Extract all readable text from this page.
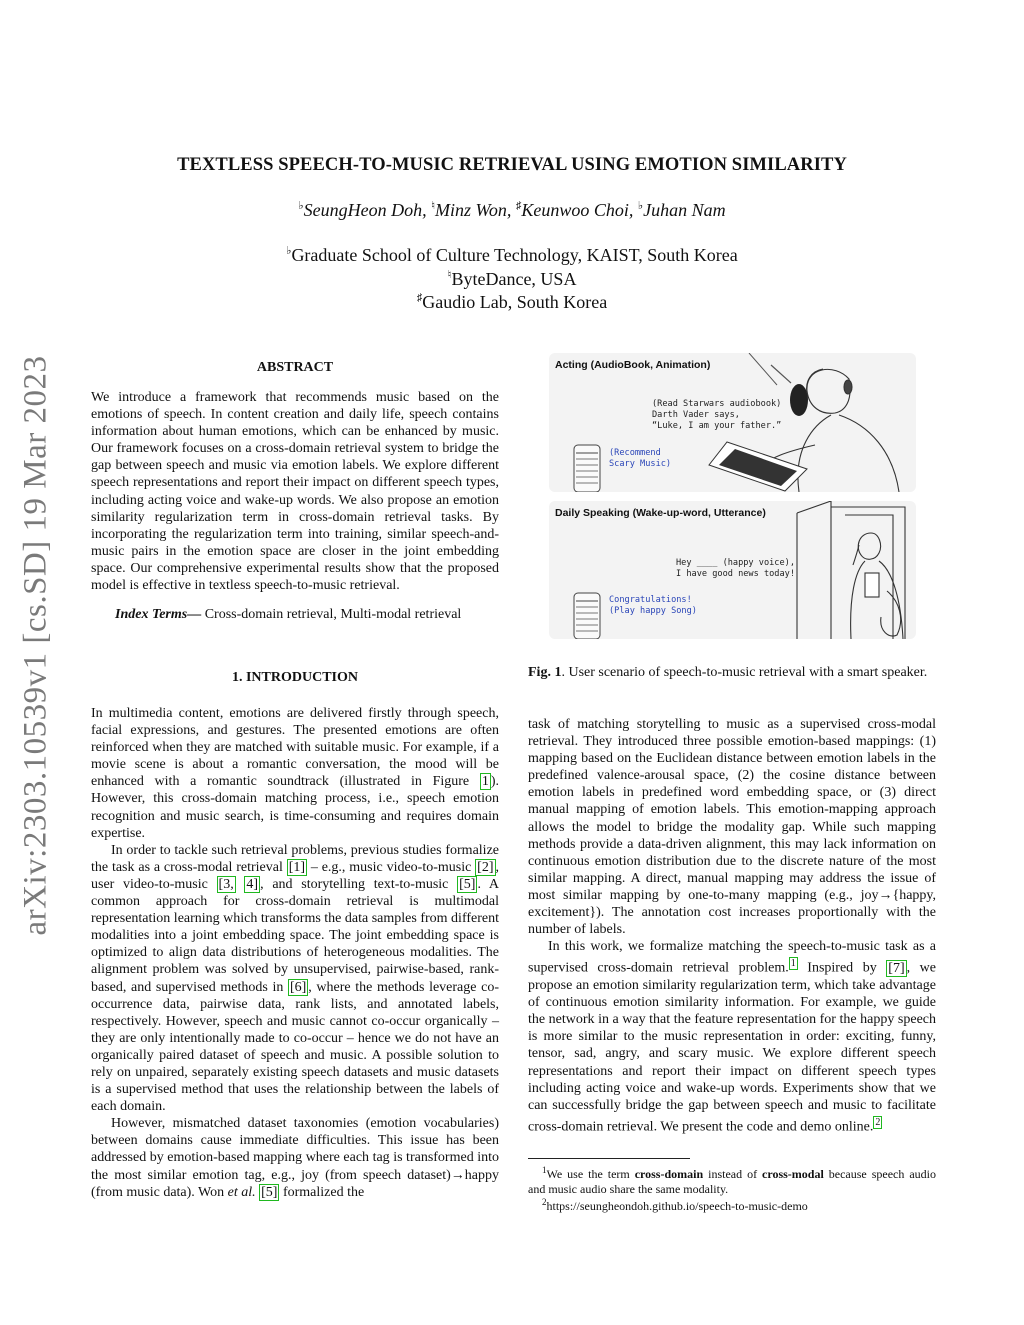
arXiv:2303.10539v1 [cs.SD] 19 Mar 2023
TEXTLESS SPEECH-TO-MUSIC RETRIEVAL USING EMOTION SIMILARITY
♭SeungHeon Doh, ♮Minz Won, ♯Keunwoo Choi, ♭Juhan Nam
♭Graduate School of Culture Technology, KAIST, South Korea
♮ByteDance, USA
♯Gaudio Lab, South Korea
ABSTRACT

We introduce a framework that recommends music based on the emotions of speech. In content creation and daily life, speech contains information about human emotions, which can be enhanced by music. Our framework focuses on a cross-domain retrieval system to bridge the gap between speech and music via emotion labels. We explore different speech representations and report their impact on different speech types, including acting voice and wake-up words. We also propose an emotion similarity regularization term in cross-domain retrieval tasks. By incorporating the regularization term into training, similar speech-and-music pairs in the emotion space are closer in the joint embedding space. Our comprehensive experimental results show that the proposed model is effective in textless speech-to-music retrieval.

Index Terms— Cross-domain retrieval, Multi-modal retrieval

1. INTRODUCTION

In multimedia content, emotions are delivered firstly through speech, facial expressions, and gestures. The presented emotions are often reinforced when they are matched with suitable music. For example, if a movie scene is about a romantic conversation, the mood will be enhanced with a romantic soundtrack (illustrated in Figure 1 ). However, this cross-domain matching process, i.e., speech emotion recognition and music search, is time-consuming and requires domain expertise.

In order to tackle such retrieval problems, previous studies formalize the task as a cross-modal retrieval [1] – e.g., music video-to-music [2] , user video-to-music [3, 4] , and storytelling text-to-music [5] . A common approach for cross-domain retrieval is multimodal representation learning which transforms the data samples from different modalities into a joint embedding space. The joint embedding space is optimized to align data distributions of heterogeneous modalities. The alignment problem was solved by unsupervised, pairwise-based, rank-based, and supervised methods in [6] , where the methods leverage co-occurrence data, pairwise data, rank lists, and annotated labels, respectively. However, speech and music cannot co-occur organically – they are only intentionally made to co-occur – hence we do not have an organically paired dataset of speech and music. A possible solution to rely on unpaired, separately existing speech datasets and music datasets is a supervised method that uses the relationship between the labels of each domain.

However, mismatched dataset taxonomies (emotion vocabularies) between domains cause immediate difficulties. This issue has been addressed by emotion-based mapping where each tag is transformed into the most similar emotion tag, e.g., joy (from speech dataset)→happy (from music data). Won et al. [5] formalized the

Acting (AudioBook, Animation)
(Read Starwars audiobook)
Darth Vader says,
“Luke, I am your father.”
(Recommend
Scary Music)
Daily Speaking (Wake-up-word, Utterance)
Hey ____ (happy voice),
I have good news today!
Congratulations!
(Play happy Song)

Fig. 1. User scenario of speech-to-music retrieval with a smart speaker.

task of matching storytelling to music as a supervised cross-modal retrieval. They introduced three possible emotion-based mappings: (1) mapping based on the Euclidean distance between emotion labels in the predefined valence-arousal space, (2) the cosine distance between emotion labels in predefined word embedding space, or (3) direct manual mapping of emotion labels. This emotion-mapping approach allows the model to bridge the modality gap. While such mapping methods provide a data-driven alignment, this may lack information on continuous emotion distribution due to the discrete nature of the most similar mapping. A direct, manual mapping may address the issue of most similar mapping by one-to-many mapping (e.g., joy→{happy, excitement}). The annotation cost increases proportionally with the number of labels.

In this work, we formalize matching the speech-to-music task as a supervised cross-domain retrieval problem. $^1$ Inspired by [7] , we propose an emotion similarity regularization term, which take advantage of continuous emotion similarity information. For example, we guide the network in a way that the feature representation for the happy speech is more similar to the music representation in order: exciting, funny, tensor, sad, angry, and scary music. We explore different speech representations and report their impact on different speech types including acting voice and wake-up words. Experiments show that we can successfully bridge the gap between speech and music to facilitate cross-domain retrieval. We present the code and demo online. $^2$

$^1$We use the term cross-domain instead of cross-modal because speech audio and music audio share the same modality.
$^2$https://seungheondoh.github.io/speech-to-music-demo
